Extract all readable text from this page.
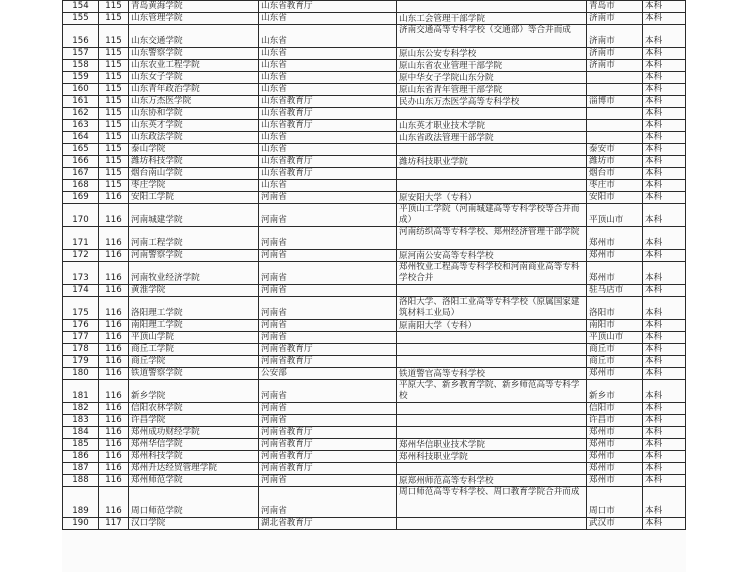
154	115	青岛黄海学院	山东省教育厅		青岛市	本科
155	115	山东管理学院	山东省	山东工会管理干部学院	济南市	本科
156	115	山东交通学院	山东省	济南交通高等专科学校（交通部）等合并而成	济南市	本科
157	115	山东警察学院	山东省	原山东公安专科学校	济南市	本科
158	115	山东农业工程学院	山东省	原山东省农业管理干部学院	济南市	本科
159	115	山东女子学院	山东省	原中华女子学院山东分院		本科
160	115	山东青年政治学院	山东省	原山东省青年管理干部学院		本科
161	115	山东万杰医学院	山东省教育厅	民办山东万杰医学高等专科学校	淄博市	本科
162	115	山东协和学院	山东省教育厅			本科
163	115	山东英才学院	山东省教育厅	山东英才职业技术学院		本科
164	115	山东政法学院	山东省	山东省政法管理干部学院		本科
165	115	泰山学院	山东省		泰安市	本科
166	115	潍坊科技学院	山东省教育厅	潍坊科技职业学院	潍坊市	本科
167	115	烟台南山学院	山东省教育厅		烟台市	本科
168	115	枣庄学院	山东省		枣庄市	本科
169	116	安阳工学院	河南省	原安阳大学（专科）	安阳市	本科
170	116	河南城建学院	河南省	平顶山工学院（河南城建高等专科学校等合并而成）	平顶山市	本科
171	116	河南工程学院	河南省	河南纺织高等专科学校、郑州经济管理干部学院	郑州市	本科
172	116	河南警察学院	河南省	原河南公安高等专科学校	郑州市	本科
173	116	河南牧业经济学院	河南省	郑州牧业工程高等专科学校和河南商业高等专科学校合并	郑州市	本科
174	116	黄淮学院	河南省		驻马店市	本科
175	116	洛阳理工学院	河南省	洛阳大学、洛阳工业高等专科学校（原属国家建筑材料工业局）	洛阳市	本科
176	116	南阳理工学院	河南省	原南阳大学（专科）	南阳市	本科
177	116	平顶山学院	河南省		平顶山市	本科
178	116	商丘工学院	河南省教育厅		商丘市	本科
179	116	商丘学院	河南省教育厅		商丘市	本科
180	116	铁道警察学院	公安部	铁道警官高等专科学校	郑州市	本科
181	116	新乡学院	河南省	平原大学、新乡教育学院、新乡师范高等专科学校	新乡市	本科
182	116	信阳农林学院	河南省		信阳市	本科
183	116	许昌学院	河南省		许昌市	本科
184	116	郑州成功财经学院	河南省教育厅		郑州市	本科
185	116	郑州华信学院	河南省教育厅	郑州华信职业技术学院	郑州市	本科
186	116	郑州科技学院	河南省教育厅	郑州科技职业学院	郑州市	本科
187	116	郑州升达经贸管理学院	河南省教育厅		郑州市	本科
188	116	郑州师范学院	河南省	原郑州师范高等专科学校	郑州市	本科
189	116	周口师范学院	河南省	周口师范高等专科学校、周口教育学院合并而成	周口市	本科
190	117	汉口学院	湖北省教育厅		武汉市	本科
